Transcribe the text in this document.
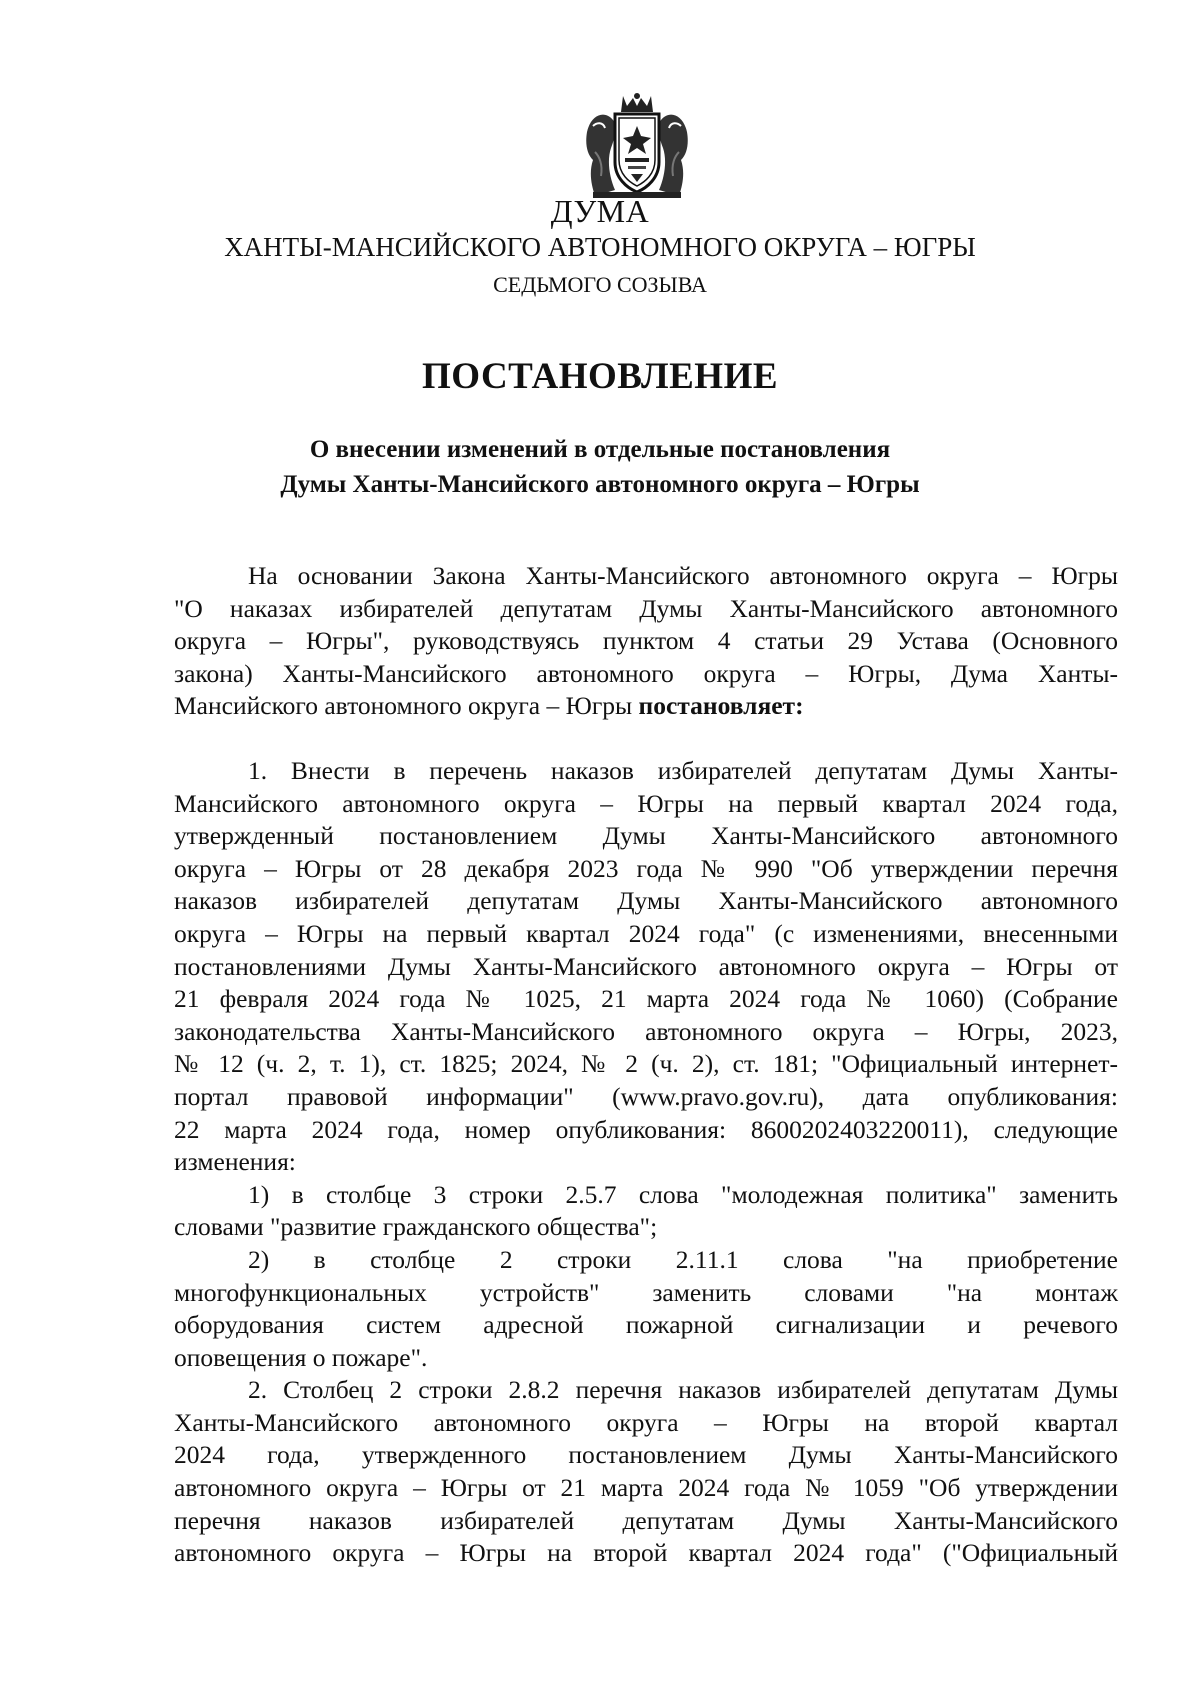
ДУМА
ХАНТЫ-МАНСИЙСКОГО АВТОНОМНОГО ОКРУГА – ЮГРЫ
СЕДЬМОГО СОЗЫВА
ПОСТАНОВЛЕНИЕ
О внесении изменений в отдельные постановления
Думы Ханты-Мансийского автономного округа – Югры
На основании Закона Ханты-Мансийского автономного округа – Югры
"О наказах избирателей депутатам Думы Ханты-Мансийского автономного
округа – Югры", руководствуясь пунктом 4 статьи 29 Устава (Основного
закона) Ханты-Мансийского автономного округа – Югры, Дума Ханты-
Мансийского автономного округа – Югры постановляет:
1. Внести в перечень наказов избирателей депутатам Думы Ханты-
Мансийского автономного округа – Югры на первый квартал 2024 года,
утвержденный постановлением Думы Ханты-Мансийского автономного
округа – Югры от 28 декабря 2023 года № 990 "Об утверждении перечня
наказов избирателей депутатам Думы Ханты-Мансийского автономного
округа – Югры на первый квартал 2024 года" (с изменениями, внесенными
постановлениями Думы Ханты-Мансийского автономного округа – Югры от
21 февраля 2024 года № 1025, 21 марта 2024 года № 1060) (Собрание
законодательства Ханты-Мансийского автономного округа – Югры, 2023,
№ 12 (ч. 2, т. 1), ст. 1825; 2024, № 2 (ч. 2), ст. 181; "Официальный интернет-
портал правовой информации" (www.pravo.gov.ru), дата опубликования:
22 марта 2024 года, номер опубликования: 8600202403220011), следующие
изменения:
1) в столбце 3 строки 2.5.7 слова "молодежная политика" заменить
словами "развитие гражданского общества";
2) в столбце 2 строки 2.11.1 слова "на приобретение
многофункциональных устройств" заменить словами "на монтаж
оборудования систем адресной пожарной сигнализации и речевого
оповещения о пожаре".
2. Столбец 2 строки 2.8.2 перечня наказов избирателей депутатам Думы
Ханты-Мансийского автономного округа – Югры на второй квартал
2024 года, утвержденного постановлением Думы Ханты-Мансийского
автономного округа – Югры от 21 марта 2024 года № 1059 "Об утверждении
перечня наказов избирателей депутатам Думы Ханты-Мансийского
автономного округа – Югры на второй квартал 2024 года" ("Официальный
